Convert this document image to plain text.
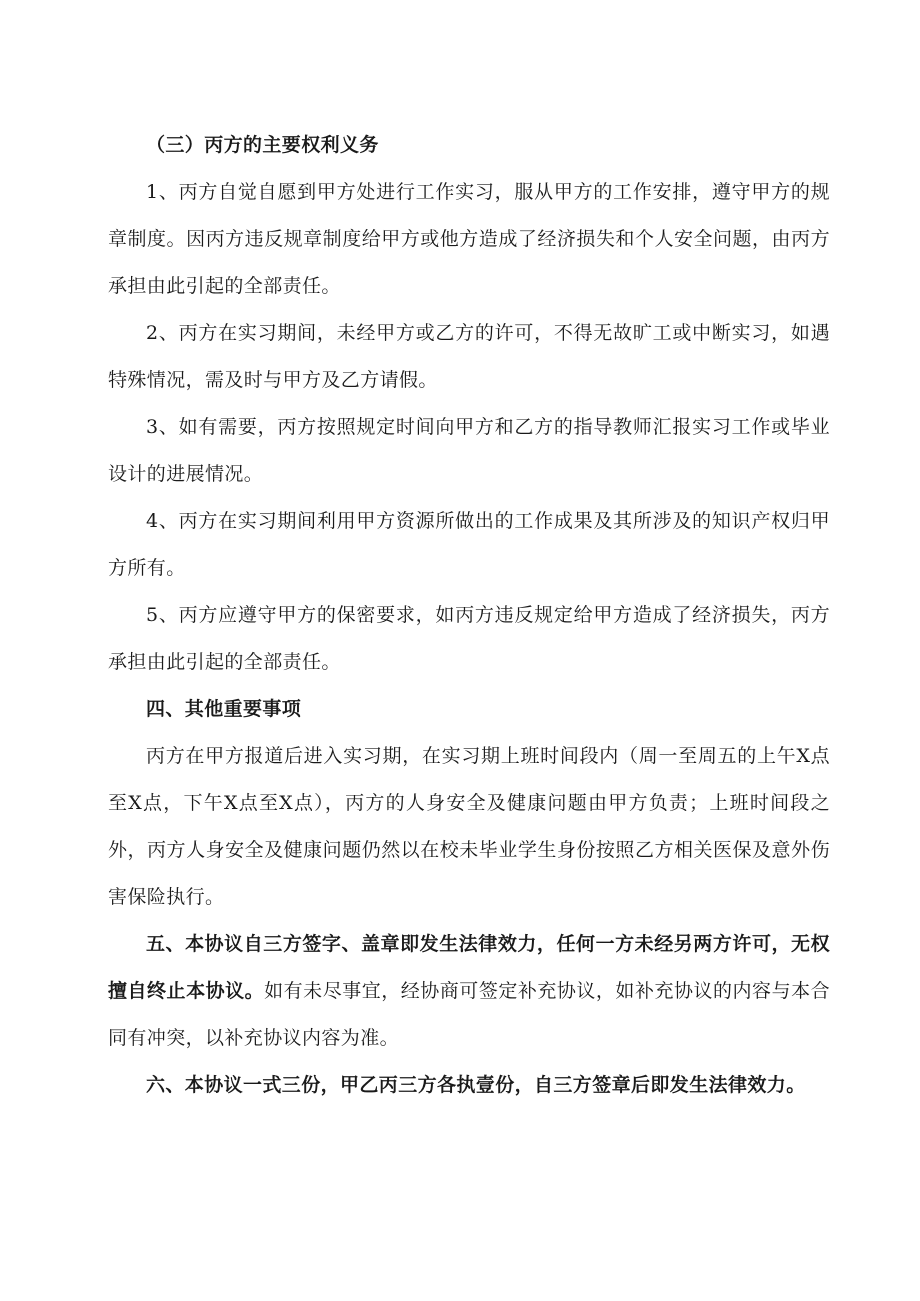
（三）丙方的主要权利义务

1、丙方自觉自愿到甲方处进行工作实习，服从甲方的工作安排，遵守甲方的规章制度。因丙方违反规章制度给甲方或他方造成了经济损失和个人安全问题，由丙方承担由此引起的全部责任。

2、丙方在实习期间，未经甲方或乙方的许可，不得无故旷工或中断实习，如遇特殊情况，需及时与甲方及乙方请假。

3、如有需要，丙方按照规定时间向甲方和乙方的指导教师汇报实习工作或毕业设计的进展情况。

4、丙方在实习期间利用甲方资源所做出的工作成果及其所涉及的知识产权归甲方所有。

5、丙方应遵守甲方的保密要求，如丙方违反规定给甲方造成了经济损失，丙方承担由此引起的全部责任。

四、其他重要事项

丙方在甲方报道后进入实习期，在实习期上班时间段内（周一至周五的上午X点至X点，下午X点至X点），丙方的人身安全及健康问题由甲方负责；上班时间段之外，丙方人身安全及健康问题仍然以在校未毕业学生身份按照乙方相关医保及意外伤害保险执行。

五、本协议自三方签字、盖章即发生法律效力，任何一方未经另两方许可，无权擅自终止本协议。如有未尽事宜，经协商可签定补充协议，如补充协议的内容与本合同有冲突，以补充协议内容为准。

六、本协议一式三份，甲乙丙三方各执壹份，自三方签章后即发生法律效力。
